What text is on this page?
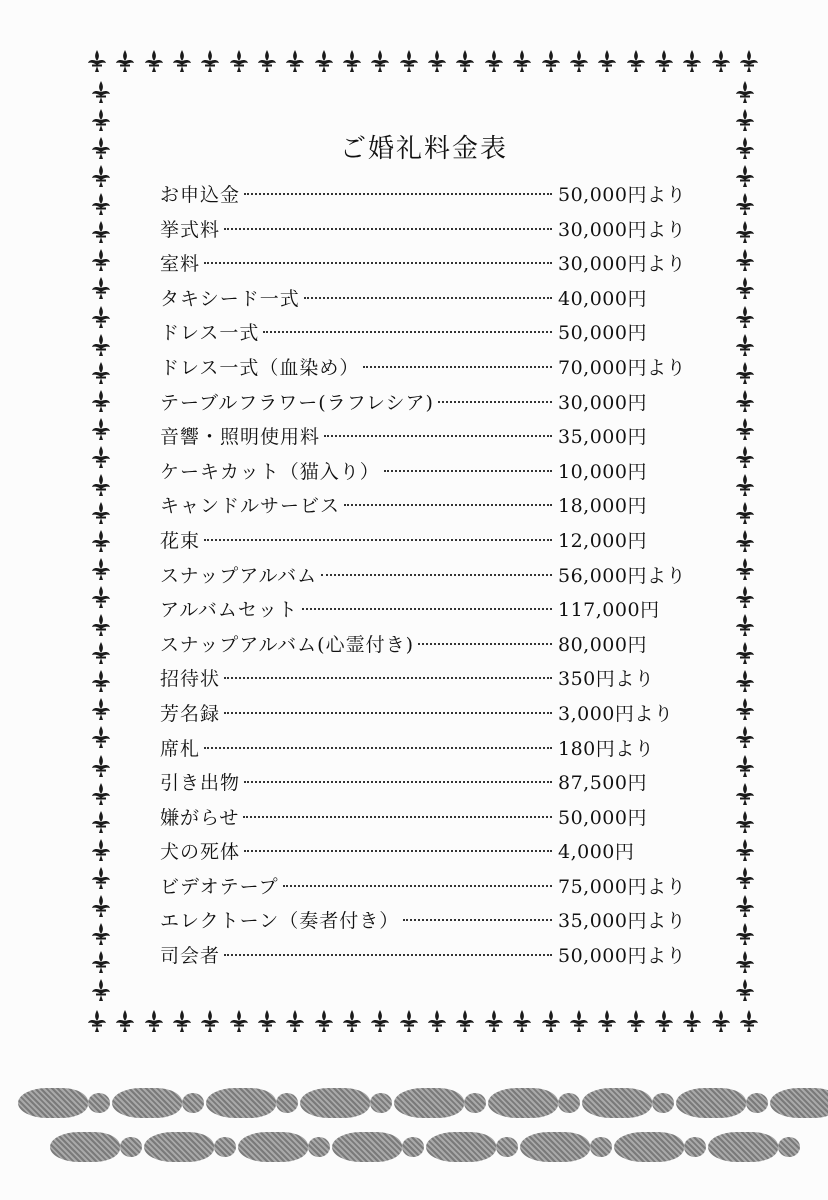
ご婚礼料金表
お申込金	50,000円より
挙式料	30,000円より
室料	30,000円より
タキシード一式	40,000円
ドレス一式	50,000円
ドレス一式（血染め）	70,000円より
テーブルフラワー(ラフレシア)	30,000円
音響・照明使用料	35,000円
ケーキカット（猫入り）	10,000円
キャンドルサービス	18,000円
花束	12,000円
スナップアルバム	56,000円より
アルバムセット	117,000円
スナップアルバム(心霊付き)	80,000円
招待状	350円より
芳名録	3,000円より
席札	180円より
引き出物	87,500円
嫌がらせ	50,000円
犬の死体	4,000円
ビデオテープ	75,000円より
エレクトーン（奏者付き）	35,000円より
司会者	50,000円より
